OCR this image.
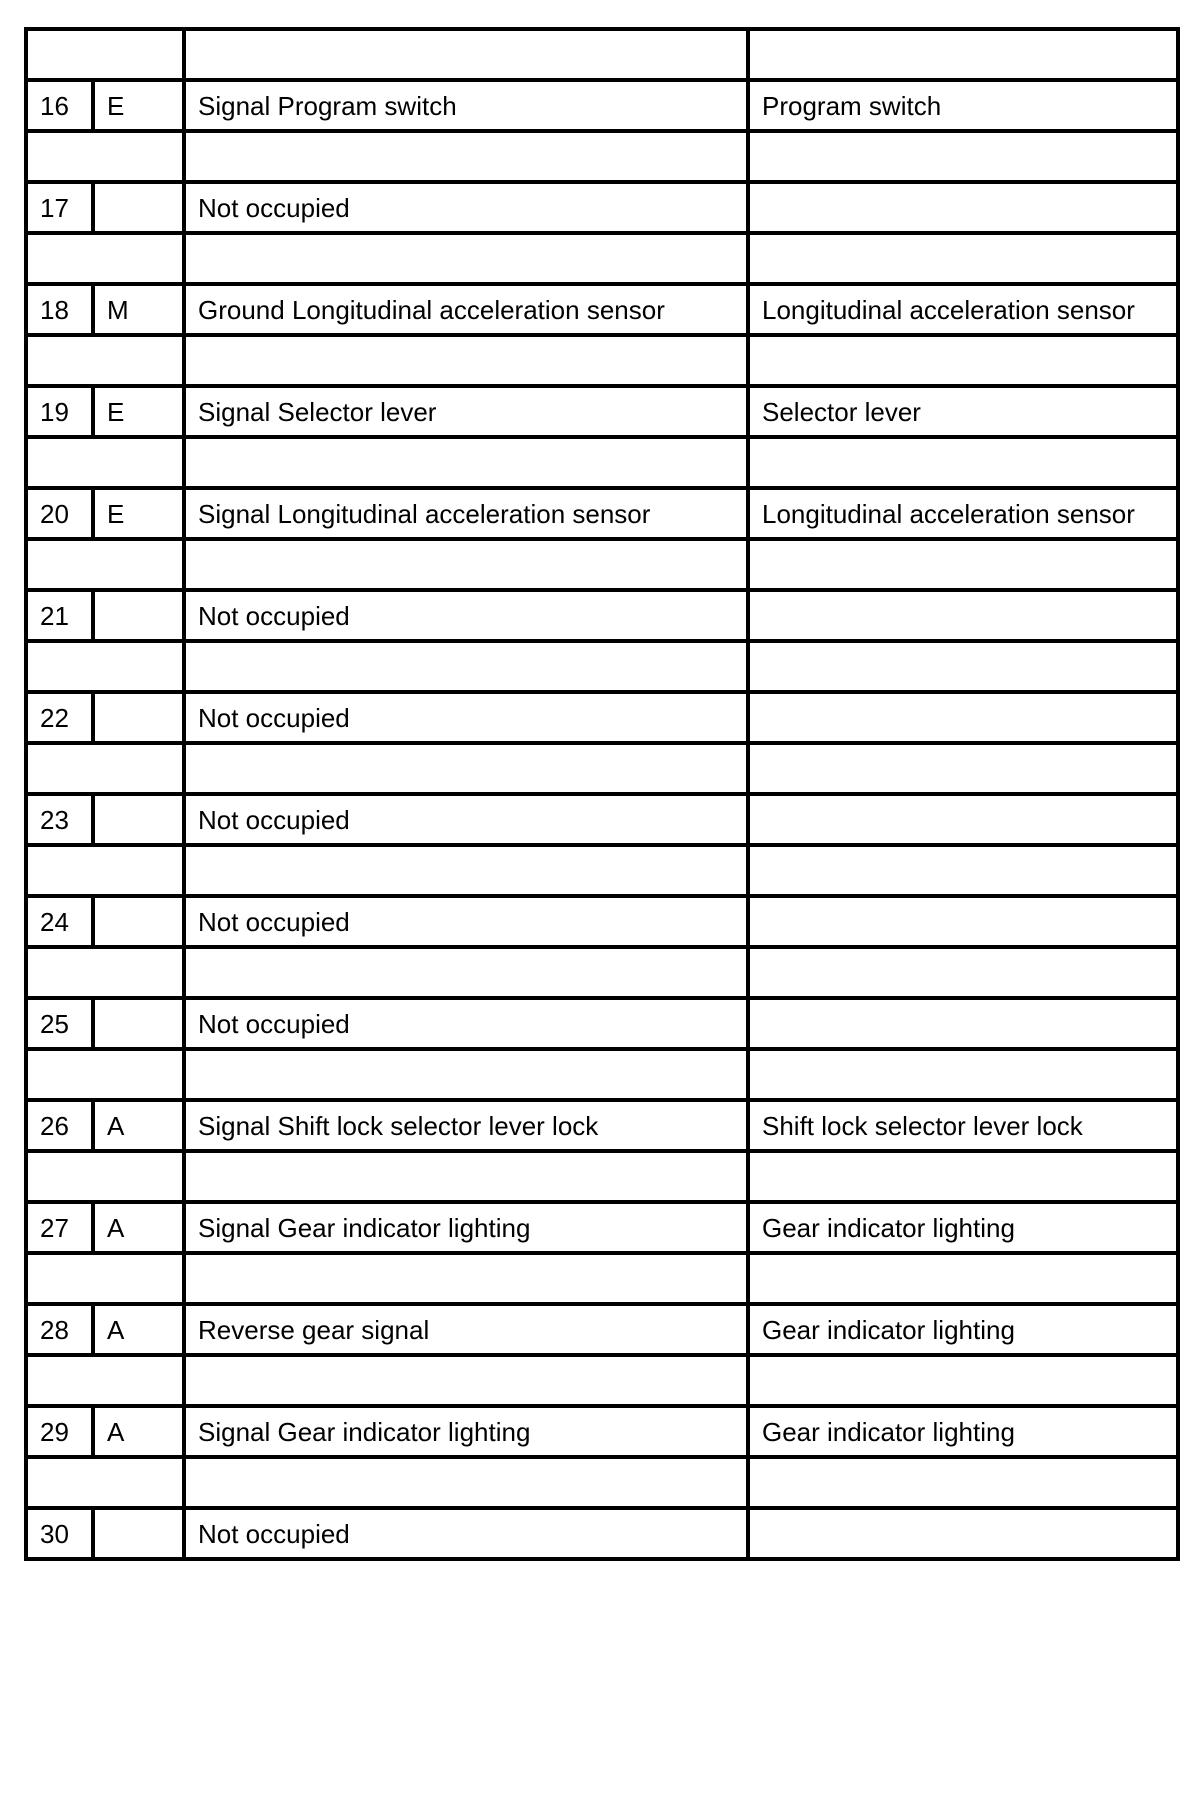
16	E	Signal Program switch	Program switch

17		Not occupied	

18	M	Ground Longitudinal acceleration sensor	Longitudinal acceleration sensor

19	E	Signal Selector lever	Selector lever

20	E	Signal Longitudinal acceleration sensor	Longitudinal acceleration sensor

21		Not occupied	

22		Not occupied	

23		Not occupied	

24		Not occupied	

25		Not occupied	

26	A	Signal Shift lock selector lever lock	Shift lock selector lever lock

27	A	Signal Gear indicator lighting	Gear indicator lighting

28	A	Reverse gear signal	Gear indicator lighting

29	A	Signal Gear indicator lighting	Gear indicator lighting

30		Not occupied	
